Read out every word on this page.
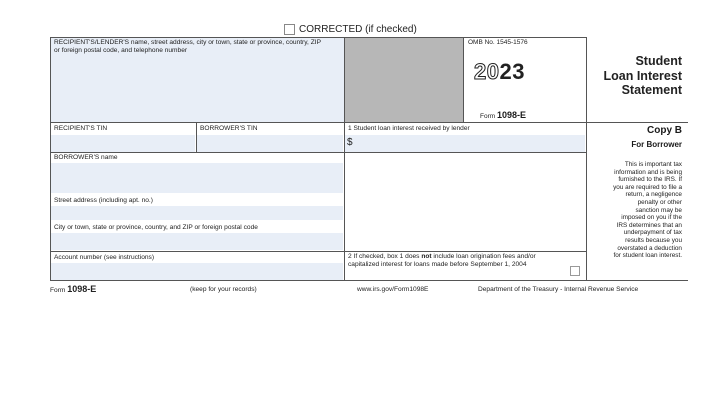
CORRECTED (if checked)
RECIPIENT'S/LENDER'S name, street address, city or town, state or province, country, ZIP or foreign postal code, and telephone number
OMB No. 1545-1576
2023
Form 1098-E
Student
Loan Interest
Statement
RECIPIENT'S TIN	BORROWER'S TIN	1 Student loan interest received by lender
$
Copy B
For Borrower
This is important tax
information and is being
furnished to the IRS. If
you are required to file a
return, a negligence
penalty or other
sanction may be
imposed on you if the
IRS determines that an
underpayment of tax
results because you
overstated a deduction
for student loan interest.
BORROWER'S name
Street address (including apt. no.)
City or town, state or province, country, and ZIP or foreign postal code
Account number (see instructions)	2 If checked, box 1 does not include loan origination fees and/or capitalized interest for loans made before September 1, 2004
Form 1098-E	(keep for your records)	www.irs.gov/Form1098E	Department of the Treasury - Internal Revenue Service
